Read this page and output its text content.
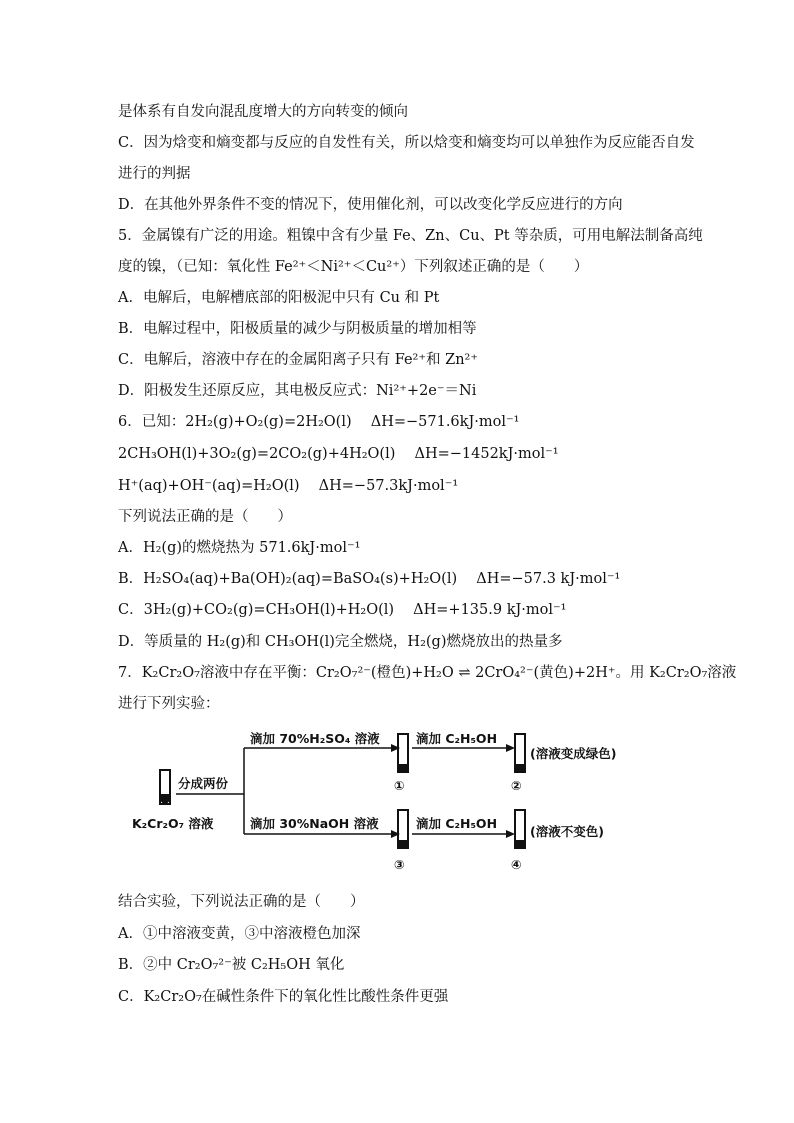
是体系有自发向混乱度增大的方向转变的倾向
C．因为焓变和熵变都与反应的自发性有关，所以焓变和熵变均可以单独作为反应能否自发
进行的判据
D．在其他外界条件不变的情况下，使用催化剂，可以改变化学反应进行的方向
5．金属镍有广泛的用途。粗镍中含有少量 Fe、Zn、Cu、Pt 等杂质，可用电解法制备高纯
度的镍，（已知：氧化性 Fe²⁺＜Ni²⁺＜Cu²⁺）下列叙述正确的是（　　）
A．电解后，电解槽底部的阳极泥中只有 Cu 和 Pt
B．电解过程中，阳极质量的减少与阴极质量的增加相等
C．电解后，溶液中存在的金属阳离子只有 Fe²⁺和 Zn²⁺
D．阳极发生还原反应，其电极反应式：Ni²⁺+2e⁻＝Ni
6．已知：2H₂(g)+O₂(g)=2H₂O(l)　 ΔH=−571.6kJ·mol⁻¹
2CH₃OH(l)+3O₂(g)=2CO₂(g)+4H₂O(l)　 ΔH=−1452kJ·mol⁻¹
H⁺(aq)+OH⁻(aq)=H₂O(l)　 ΔH=−57.3kJ·mol⁻¹
下列说法正确的是（　　）
A．H₂(g)的燃烧热为 571.6kJ·mol⁻¹
B．H₂SO₄(aq)+Ba(OH)₂(aq)=BaSO₄(s)+H₂O(l)　 ΔH=−57.3 kJ·mol⁻¹
C．3H₂(g)+CO₂(g)=CH₃OH(l)+H₂O(l)　 ΔH=+135.9 kJ·mol⁻¹
D．等质量的 H₂(g)和 CH₃OH(l)完全燃烧，H₂(g)燃烧放出的热量多
7．K₂Cr₂O₇溶液中存在平衡：Cr₂O₇²⁻(橙色)+H₂O ⇌ 2CrO₄²⁻(黄色)+2H⁺。用 K₂Cr₂O₇溶液
进行下列实验：
K₂Cr₂O₇ 溶液
分成两份
滴加 70%H₂SO₄ 溶液
①
滴加 C₂H₅OH
②
(溶液变成绿色)
滴加 30%NaOH 溶液
③
滴加 C₂H₅OH
④
(溶液不变色)
结合实验，下列说法正确的是（　　）
A．①中溶液变黄，③中溶液橙色加深
B．②中 Cr₂O₇²⁻被 C₂H₅OH 氧化
C．K₂Cr₂O₇在碱性条件下的氧化性比酸性条件更强
